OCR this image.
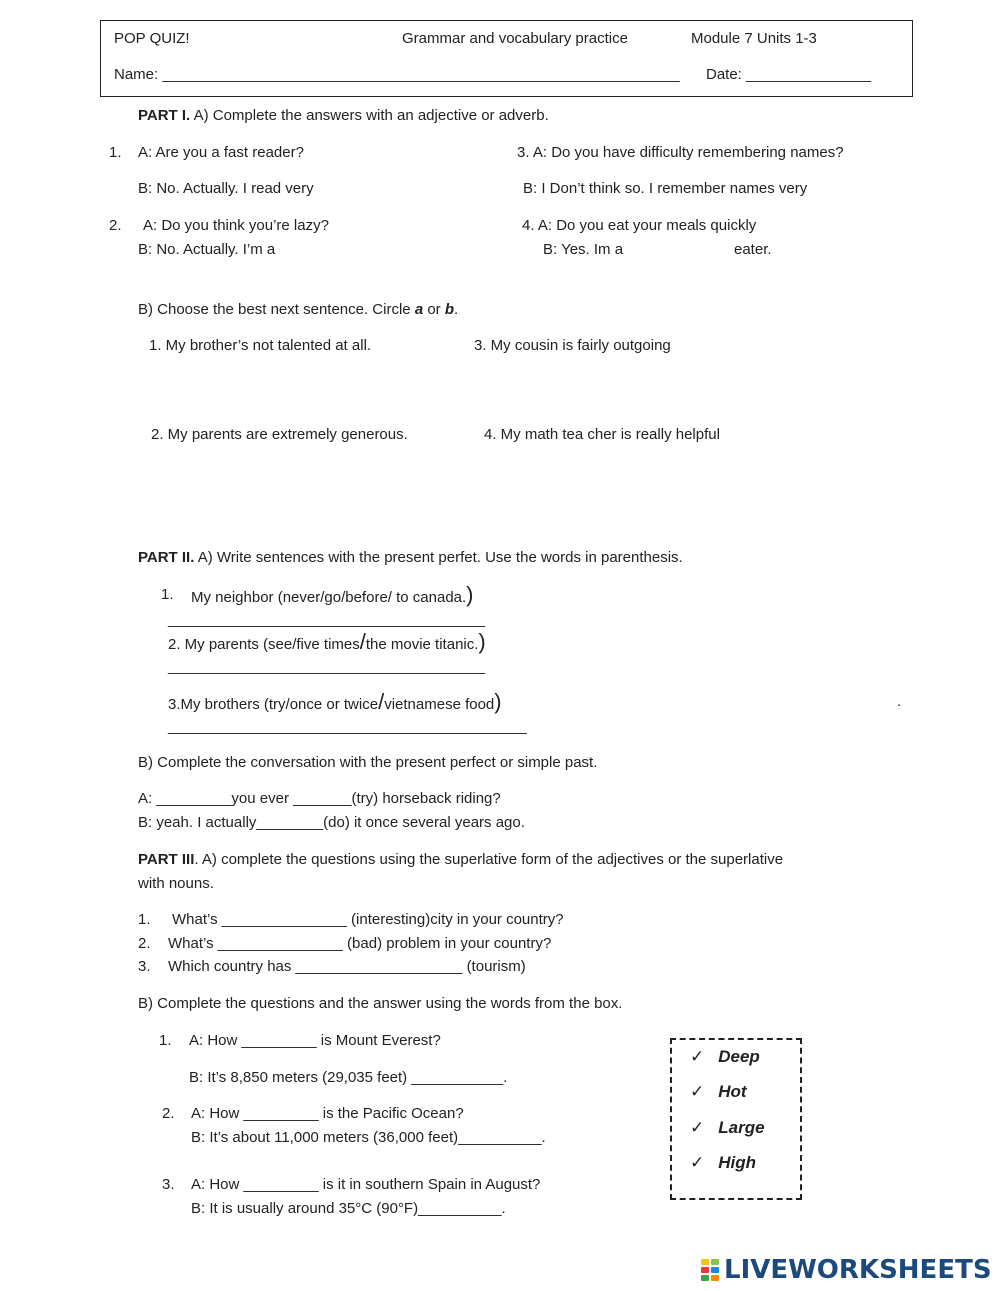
POP QUIZ!	Grammar and vocabulary practice	Module 7 Units 1-3
Name: ______________________________________________________________ Date: _______________
PART I. A) Complete the answers with an adjective or adverb.
1. A: Are you a fast reader?
B: No. Actually. I read very
3. A: Do you have difficulty remembering names?
B: I Don’t think so. I remember names very
2. A: Do you think you’re lazy?
B: No. Actually. I’m a
4. A: Do you eat your meals quickly
B: Yes. Im a	eater.
B) Choose the best next sentence. Circle a or b.
1. My brother’s not talented at all.	3. My cousin is fairly outgoing
2. My parents are extremely generous.	4. My math tea cher is really helpful
PART II. A) Write sentences with the present perfet. Use the words in parenthesis.
1. My neighbor (never/go/before/ to canada.)
______________________________________
2. My parents (see/five times/the movie titanic.)
______________________________________
3.My brothers (try/once or twice/vietnamese food)	.
___________________________________________
B) Complete the conversation with the present perfect or simple past.
A: _________you ever _______(try) horseback riding?
B: yeah. I actually________(do) it once several years ago.
PART III. A) complete the questions using the superlative form of the adjectives or the superlative
with nouns.
1. What’s _______________ (interesting)city in your country?
2. What’s _______________ (bad) problem in your country?
3. Which country has ____________________ (tourism)
B) Complete the questions and the answer using the words from the box.
1. A: How _________ is Mount Everest?
B: It’s 8,850 meters (29,035 feet) ___________.
2. A: How _________ is the Pacific Ocean?
B: It’s about 11,000 meters (36,000 feet)__________.
3. A: How _________ is it in southern Spain in August?
B: It is usually around 35°C (90°F)__________.
✓ Deep
✓ Hot
✓ Large
✓ High
LIVEWORKSHEETS
